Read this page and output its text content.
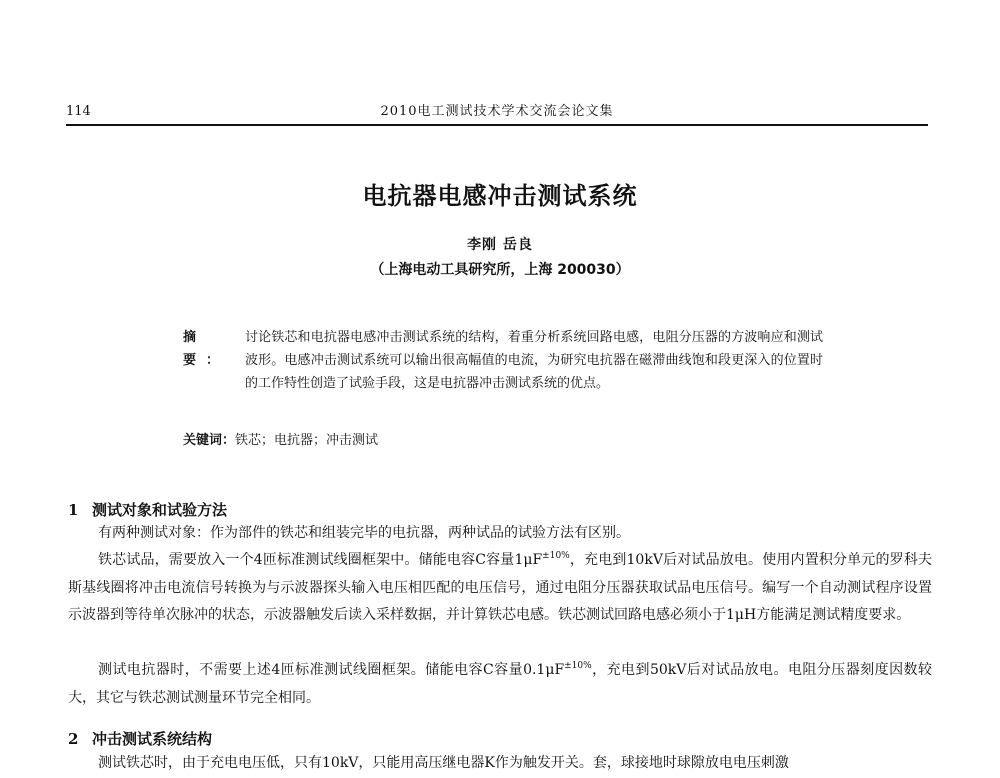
114	2010电工测试技术学术交流会论文集
电抗器电感冲击测试系统
李刚 岳良
（上海电动工具研究所，上海 200030）
摘要：
讨论铁芯和电抗器电感冲击测试系统的结构，着重分析系统回路电感，电阻分压器的方波响应和测试波形。电感冲击测试系统可以输出很高幅值的电流，为研究电抗器在磁滞曲线饱和段更深入的位置时的工作特性创造了试验手段，这是电抗器冲击测试系统的优点。
关键词：铁芯；电抗器；冲击测试
1 测试对象和试验方法
有两种测试对象：作为部件的铁芯和组装完毕的电抗器，两种试品的试验方法有区别。
铁芯试品，需要放入一个4匝标准测试线圈框架中。储能电容C容量$1\mu F^{\pm 10\%}$，充电到10kV后对试品放电。使用内置积分单元的罗科夫斯基线圈将冲击电流信号转换为与示波器探头输入电压相匹配的电压信号，通过电阻分压器获取试品电压信号。编写一个自动测试程序设置示波器到等待单次脉冲的状态，示波器触发后读入采样数据，并计算铁芯电感。铁芯测试回路电感必须小于1μH方能满足测试精度要求。
测试电抗器时，不需要上述4匝标准测试线圈框架。储能电容C容量$0.1\mu F^{\pm 10\%}$，充电到50kV后对试品放电。电阻分压器刻度因数较大，其它与铁芯测试测量环节完全相同。
2 冲击测试系统结构
测试铁芯时，由于充电电压低，只有10kV，只能用高压继电器K作为触发开关。套，球接地时球隙放电电压刺激
